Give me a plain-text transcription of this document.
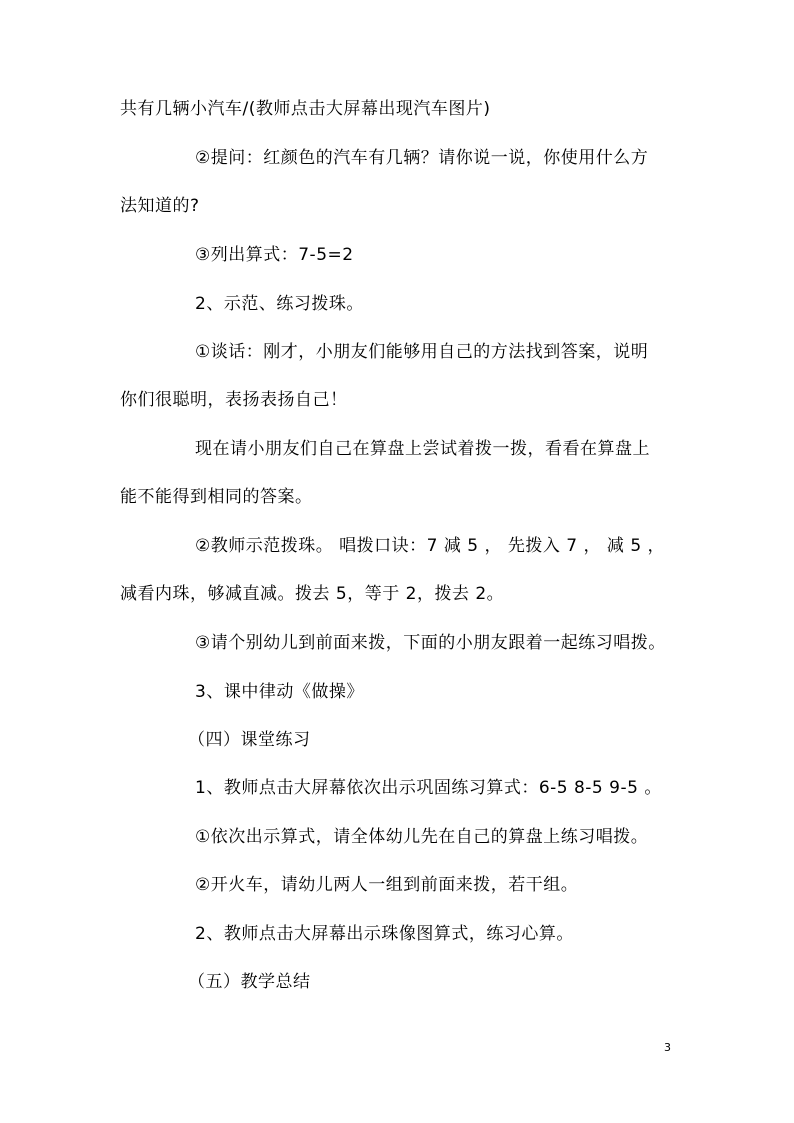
共有几辆小汽车/(教师点击大屏幕出现汽车图片)
②提问：红颜色的汽车有几辆？请你说一说，你使用什么方
法知道的?
③列出算式：7-5=2
2、示范、练习拨珠。
①谈话：刚才，小朋友们能够用自己的方法找到答案，说明
你们很聪明，表扬表扬自己！
现在请小朋友们自己在算盘上尝试着拨一拨，看看在算盘上
能不能得到相同的答案。
②教师示范拨珠。 唱拨口诀：7 减 5 ， 先拨入 7 ， 减 5 ，
减看内珠，够减直减。拨去 5，等于 2，拨去 2。
③请个别幼儿到前面来拨，下面的小朋友跟着一起练习唱拨。
3、课中律动《做操》
（四）课堂练习
1、教师点击大屏幕依次出示巩固练习算式：6-5 8-5 9-5 。
①依次出示算式，请全体幼儿先在自己的算盘上练习唱拨。
②开火车，请幼儿两人一组到前面来拨，若干组。
2、教师点击大屏幕出示珠像图算式，练习心算。
（五）教学总结
3
